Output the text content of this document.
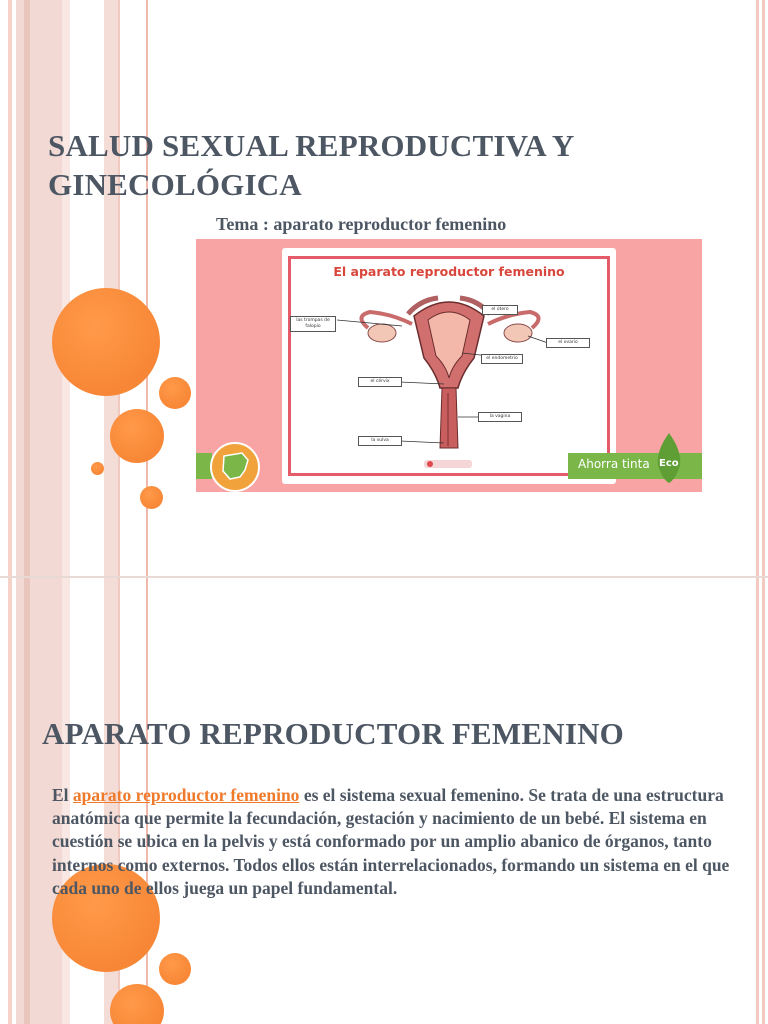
SALUD SEXUAL REPRODUCTIVA Y
GINECOLÓGICA
Tema : aparato reproductor femenino
El aparato reproductor femenino
las trompas de
falopio
el útero
el ovario
el endometrio
el cérvix
la vagina
la vulva
Ahorra tinta Eco
APARATO REPRODUCTOR FEMENINO
El aparato reproductor femenino es el sistema sexual femenino. Se trata de una estructura anatómica que permite la fecundación, gestación y nacimiento de un bebé. El sistema en cuestión se ubica en la pelvis y está conformado por un amplio abanico de órganos, tanto internos como externos. Todos ellos están interrelacionados, formando un sistema en el que cada uno de ellos juega un papel fundamental.
